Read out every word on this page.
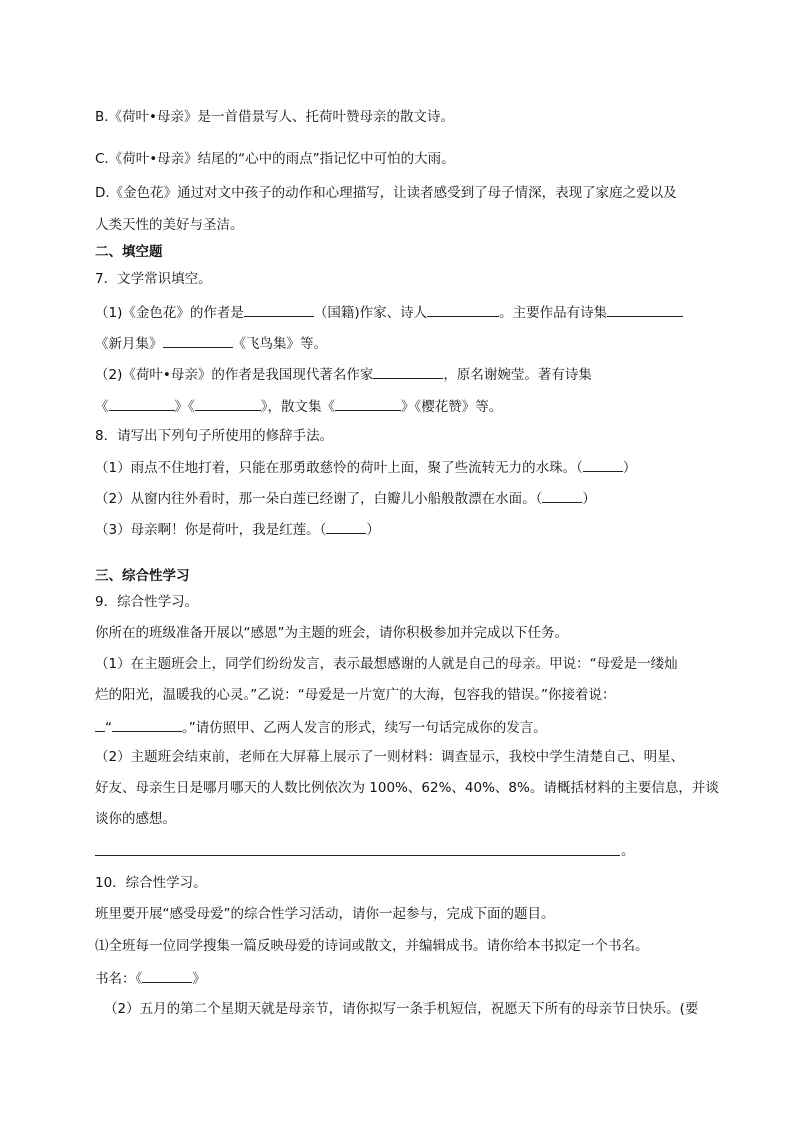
B.《荷叶•母亲》是一首借景写人、托荷叶赞母亲的散文诗。
C.《荷叶•母亲》结尾的“心中的雨点”指记忆中可怕的大雨。
D.《金色花》通过对文中孩子的动作和心理描写，让读者感受到了母子情深，表现了家庭之爱以及
人类天性的美好与圣洁。
二、填空题
7．文学常识填空。
（1)《金色花》的作者是	（国籍)作家、诗人	。主要作品有诗集
《新月集》	《飞鸟集》等。
（2)《荷叶•母亲》的作者是我国现代著名作家	，原名谢婉莹。著有诗集
《	》《	》，散文集《	》《樱花赞》等。
8．请写出下列句子所使用的修辞手法。
（1）雨点不住地打着，只能在那勇敢慈怜的荷叶上面，聚了些流转无力的水珠。（	）
（2）从窗内往外看时，那一朵白莲已经谢了，白瓣儿小船般散漂在水面。（	）
（3）母亲啊！你是荷叶，我是红莲。（	）
三、综合性学习
9．综合性学习。
你所在的班级准备开展以“感恩”为主题的班会，请你积极参加并完成以下任务。
（1）在主题班会上，同学们纷纷发言，表示最想感谢的人就是自己的母亲。甲说：“母爱是一缕灿
烂的阳光，温暖我的心灵。”乙说：“母爱是一片宽广的大海，包容我的错误。”你接着说：
“	。”请仿照甲、乙两人发言的形式，续写一句话完成你的发言。
（2）主题班会结束前，老师在大屏幕上展示了一则材料：调查显示，我校中学生清楚自己、明星、
好友、母亲生日是哪月哪天的人数比例依次为 100%、62%、40%、8%。请概括材料的主要信息，并谈
谈你的感想。
。
10．综合性学习。
班里要开展“感受母爱”的综合性学习活动，请你一起参与，完成下面的题目。
⑴全班每一位同学搜集一篇反映母爱的诗词或散文，并编辑成书。请你给本书拟定一个书名。
书名：《	》
（2）五月的第二个星期天就是母亲节，请你拟写一条手机短信，祝愿天下所有的母亲节日快乐。(要
